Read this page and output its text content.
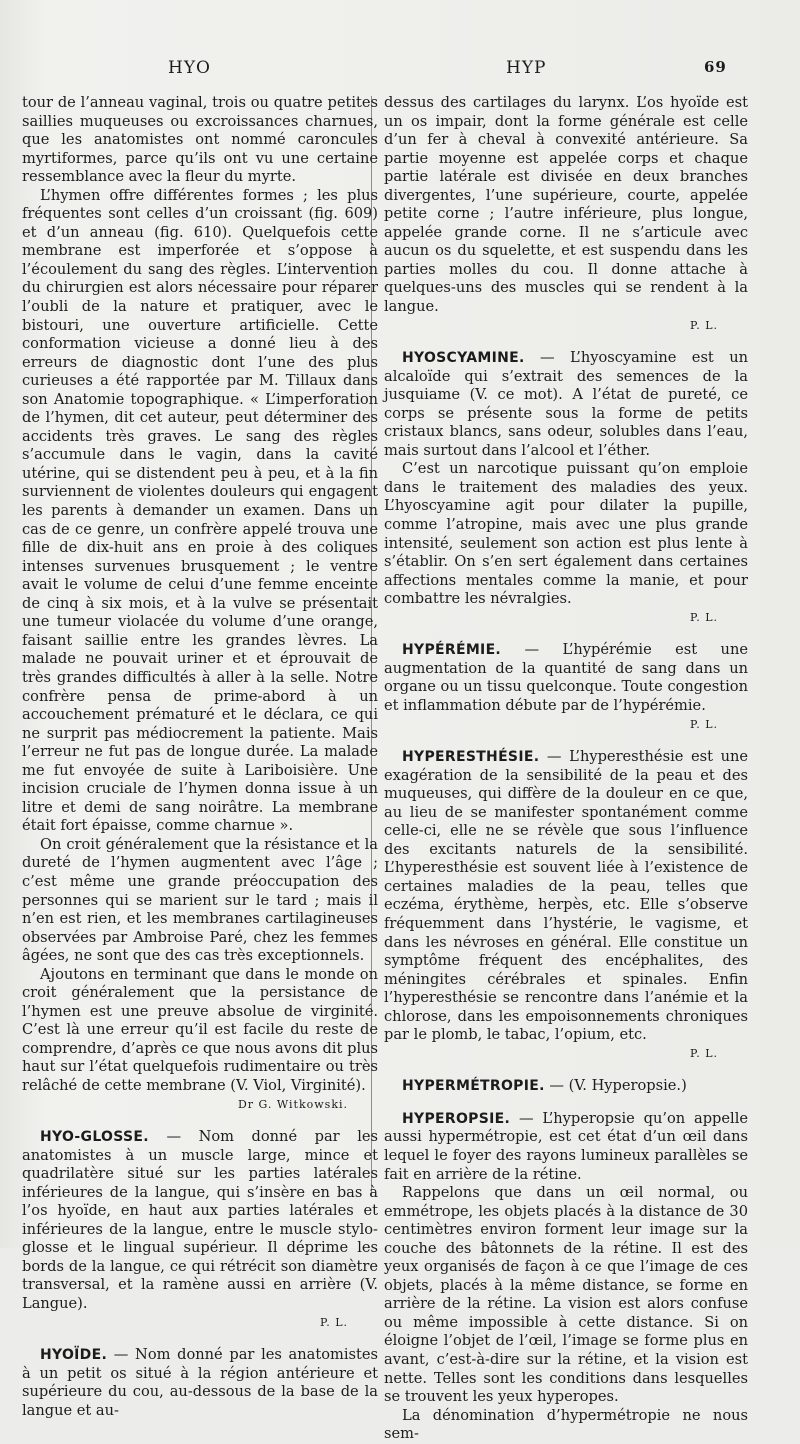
HYO	HYP	69

tour de l’anneau vaginal, trois ou quatre petites saillies muqueuses ou excroissances charnues, que les anatomistes ont nommé caroncules myrtiformes, parce qu’ils ont vu une certaine ressemblance avec la fleur du myrte.

L’hymen offre différentes formes ; les plus fréquentes sont celles d’un croissant (fig. 609) et d’un anneau (fig. 610). Quelquefois cette membrane est imperforée et s’oppose à l’écoulement du sang des règles. L’intervention du chirurgien est alors nécessaire pour réparer l’oubli de la nature et pratiquer, avec le bistouri, une ouverture artificielle. Cette conformation vicieuse a donné lieu à des erreurs de diagnostic dont l’une des plus curieuses a été rapportée par M. Tillaux dans son Anatomie topographique. « L’imperforation de l’hymen, dit cet auteur, peut déterminer des accidents très graves. Le sang des règles s’accumule dans le vagin, dans la cavité utérine, qui se distendent peu à peu, et à la fin surviennent de violentes douleurs qui engagent les parents à demander un examen. Dans un cas de ce genre, un confrère appelé trouva une fille de dix-huit ans en proie à des coliques intenses survenues brusquement ; le ventre avait le volume de celui d’une femme enceinte de cinq à six mois, et à la vulve se présentait une tumeur violacée du volume d’une orange, faisant saillie entre les grandes lèvres. La malade ne pouvait uriner et et éprouvait de très grandes difficultés à aller à la selle. Notre confrère pensa de prime-abord à un accouchement prématuré et le déclara, ce qui ne surprit pas médiocrement la patiente. Mais l’erreur ne fut pas de longue durée. La malade me fut envoyée de suite à Lariboisière. Une incision cruciale de l’hymen donna issue à un litre et demi de sang noirâtre. La membrane était fort épaisse, comme charnue ».

On croit généralement que la résistance et la dureté de l’hymen augmentent avec l’âge ; c’est même une grande préoccupation des personnes qui se marient sur le tard ; mais il n’en est rien, et les membranes cartilagineuses observées par Ambroise Paré, chez les femmes âgées, ne sont que des cas très exceptionnels.

Ajoutons en terminant que dans le monde on croit généralement que la persistance de l’hymen est une preuve absolue de virginité. C’est là une erreur qu’il est facile du reste de comprendre, d’après ce que nous avons dit plus haut sur l’état quelquefois rudimentaire ou très relâché de cette membrane (V. Viol, Virginité).

Dr G. Witkowski.

HYO-GLOSSE. — Nom donné par les anatomistes à un muscle large, mince et quadrilatère situé sur les parties latérales inférieures de la langue, qui s’insère en bas à l’os hyoïde, en haut aux parties latérales et inférieures de la langue, entre le muscle stylo-glosse et le lingual supérieur. Il déprime les bords de la langue, ce qui rétrécit son diamètre transversal, et la ramène aussi en arrière (V. Langue).

P. L.

HYOÏDE. — Nom donné par les anatomistes à un petit os situé à la région antérieure et supérieure du cou, au-dessous de la base de la langue et au-

dessus des cartilages du larynx. L’os hyoïde est un os impair, dont la forme générale est celle d’un fer à cheval à convexité antérieure. Sa partie moyenne est appelée corps et chaque partie latérale est divisée en deux branches divergentes, l’une supérieure, courte, appelée petite corne ; l’autre inférieure, plus longue, appelée grande corne. Il ne s’articule avec aucun os du squelette, et est suspendu dans les parties molles du cou. Il donne attache à quelques-uns des muscles qui se rendent à la langue.

P. L.

HYOSCYAMINE. — L’hyoscyamine est un alcaloïde qui s’extrait des semences de la jusquiame (V. ce mot). A l’état de pureté, ce corps se présente sous la forme de petits cristaux blancs, sans odeur, solubles dans l’eau, mais surtout dans l’alcool et l’éther.

C’est un narcotique puissant qu’on emploie dans le traitement des maladies des yeux. L’hyoscyamine agit pour dilater la pupille, comme l’atropine, mais avec une plus grande intensité, seulement son action est plus lente à s’établir. On s’en sert également dans certaines affections mentales comme la manie, et pour combattre les névralgies.

P. L.

HYPÉRÉMIE. — L’hypérémie est une augmentation de la quantité de sang dans un organe ou un tissu quelconque. Toute congestion et inflammation débute par de l’hypérémie.

P. L.

HYPERESTHÉSIE. — L’hyperesthésie est une exagération de la sensibilité de la peau et des muqueuses, qui diffère de la douleur en ce que, au lieu de se manifester spontanément comme celle-ci, elle ne se révèle que sous l’influence des excitants naturels de la sensibilité. L’hyperesthésie est souvent liée à l’existence de certaines maladies de la peau, telles que eczéma, érythème, herpès, etc. Elle s’observe fréquemment dans l’hystérie, le vagisme, et dans les névroses en général. Elle constitue un symptôme fréquent des encéphalites, des méningites cérébrales et spinales. Enfin l’hyperesthésie se rencontre dans l’anémie et la chlorose, dans les empoisonnements chroniques par le plomb, le tabac, l’opium, etc.

P. L.

HYPERMÉTROPIE. — (V. Hyperopsie.)

HYPEROPSIE. — L’hyperopsie qu’on appelle aussi hypermétropie, est cet état d’un œil dans lequel le foyer des rayons lumineux parallèles se fait en arrière de la rétine.

Rappelons que dans un œil normal, ou emmétrope, les objets placés à la distance de 30 centimètres environ forment leur image sur la couche des bâtonnets de la rétine. Il est des yeux organisés de façon à ce que l’image de ces objets, placés à la même distance, se forme en arrière de la rétine. La vision est alors confuse ou même impossible à cette distance. Si on éloigne l’objet de l’œil, l’image se forme plus en avant, c’est-à-dire sur la rétine, et la vision est nette. Telles sont les conditions dans lesquelles se trouvent les yeux hyperopes.

La dénomination d’hypermétropie ne nous sem-
